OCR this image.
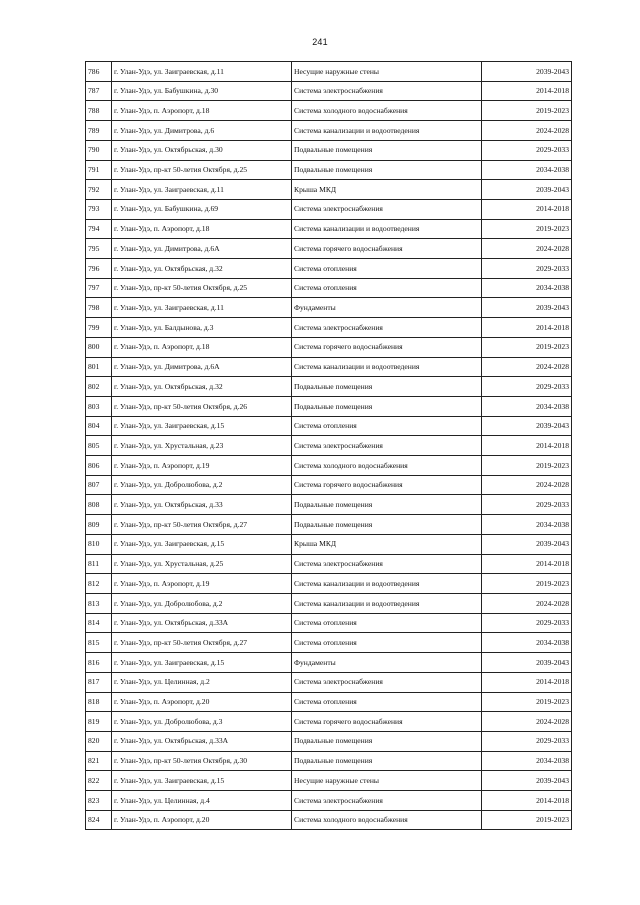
241
786	г. Улан-Удэ, ул. Заиграевская, д.11	Несущие наружные стены	2039-2043
787	г. Улан-Удэ, ул. Бабушкина, д.30	Система электроснабжения	2014-2018
788	г. Улан-Удэ, п. Аэропорт, д.18	Система холодного водоснабжения	2019-2023
789	г. Улан-Удэ, ул. Димитрова, д.6	Система канализации и водоотведения	2024-2028
790	г. Улан-Удэ, ул. Октябрьская, д.30	Подвальные помещения	2029-2033
791	г. Улан-Удэ, пр-кт 50-летия Октября, д.25	Подвальные помещения	2034-2038
792	г. Улан-Удэ, ул. Заиграевская, д.11	Крыша МКД	2039-2043
793	г. Улан-Удэ, ул. Бабушкина, д.69	Система электроснабжения	2014-2018
794	г. Улан-Удэ, п. Аэропорт, д.18	Система канализации и водоотведения	2019-2023
795	г. Улан-Удэ, ул. Димитрова, д.6А	Система горячего водоснабжения	2024-2028
796	г. Улан-Удэ, ул. Октябрьская, д.32	Система отопления	2029-2033
797	г. Улан-Удэ, пр-кт 50-летия Октября, д.25	Система отопления	2034-2038
798	г. Улан-Удэ, ул. Заиграевская, д.11	Фундаменты	2039-2043
799	г. Улан-Удэ, ул. Балдынова, д.3	Система электроснабжения	2014-2018
800	г. Улан-Удэ, п. Аэропорт, д.18	Система горячего водоснабжения	2019-2023
801	г. Улан-Удэ, ул. Димитрова, д.6А	Система канализации и водоотведения	2024-2028
802	г. Улан-Удэ, ул. Октябрьская, д.32	Подвальные помещения	2029-2033
803	г. Улан-Удэ, пр-кт 50-летия Октября, д.26	Подвальные помещения	2034-2038
804	г. Улан-Удэ, ул. Заиграевская, д.15	Система отопления	2039-2043
805	г. Улан-Удэ, ул. Хрустальная, д.23	Система электроснабжения	2014-2018
806	г. Улан-Удэ, п. Аэропорт, д.19	Система холодного водоснабжения	2019-2023
807	г. Улан-Удэ, ул. Добролюбова, д.2	Система горячего водоснабжения	2024-2028
808	г. Улан-Удэ, ул. Октябрьская, д.33	Подвальные помещения	2029-2033
809	г. Улан-Удэ, пр-кт 50-летия Октября, д.27	Подвальные помещения	2034-2038
810	г. Улан-Удэ, ул. Заиграевская, д.15	Крыша МКД	2039-2043
811	г. Улан-Удэ, ул. Хрустальная, д.25	Система электроснабжения	2014-2018
812	г. Улан-Удэ, п. Аэропорт, д.19	Система канализации и водоотведения	2019-2023
813	г. Улан-Удэ, ул. Добролюбова, д.2	Система канализации и водоотведения	2024-2028
814	г. Улан-Удэ, ул. Октябрьская, д.33А	Система отопления	2029-2033
815	г. Улан-Удэ, пр-кт 50-летия Октября, д.27	Система отопления	2034-2038
816	г. Улан-Удэ, ул. Заиграевская, д.15	Фундаменты	2039-2043
817	г. Улан-Удэ, ул. Целинная, д.2	Система электроснабжения	2014-2018
818	г. Улан-Удэ, п. Аэропорт, д.20	Система отопления	2019-2023
819	г. Улан-Удэ, ул. Добролюбова, д.3	Система горячего водоснабжения	2024-2028
820	г. Улан-Удэ, ул. Октябрьская, д.33А	Подвальные помещения	2029-2033
821	г. Улан-Удэ, пр-кт 50-летия Октября, д.30	Подвальные помещения	2034-2038
822	г. Улан-Удэ, ул. Заиграевская, д.15	Несущие наружные стены	2039-2043
823	г. Улан-Удэ, ул. Целинная, д.4	Система электроснабжения	2014-2018
824	г. Улан-Удэ, п. Аэропорт, д.20	Система холодного водоснабжения	2019-2023
